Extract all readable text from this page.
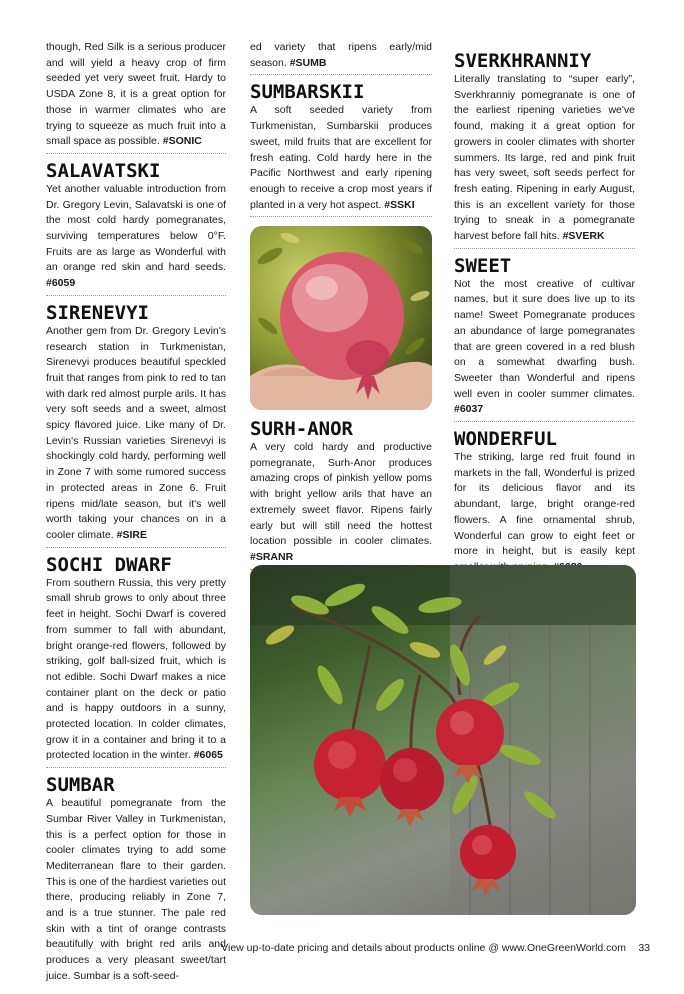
though, Red Silk is a serious producer and will yield a heavy crop of firm seeded yet very sweet fruit. Hardy to USDA Zone 8, it is a great option for those in warmer climates who are trying to squeeze as much fruit into a small space as possible. #SONIC
SALAVATSKI
Yet another valuable introduction from Dr. Gregory Levin, Salavatski is one of the most cold hardy pomegranates, surviving temperatures below 0°F. Fruits are as large as Wonderful with an orange red skin and hard seeds. #6059
SIRENEVYI
Another gem from Dr. Gregory Levin's research station in Turkmenistan, Sirenevyi produces beautiful speckled fruit that ranges from pink to red to tan with dark red almost purple arils. It has very soft seeds and a sweet, almost spicy flavored juice. Like many of Dr. Levin's Russian varieties Sirenevyi is shockingly cold hardy, performing well in Zone 7 with some rumored success in protected areas in Zone 6. Fruit ripens mid/late season, but it's well worth taking your chances on in a cooler climate. #SIRE
SOCHI DWARF
From southern Russia, this very pretty small shrub grows to only about three feet in height. Sochi Dwarf is covered from summer to fall with abundant, bright orange-red flowers, followed by striking, golf ball-sized fruit, which is not edible. Sochi Dwarf makes a nice container plant on the deck or patio and is happy outdoors in a sunny, protected location. In colder climates, grow it in a container and bring it to a protected location in the winter. #6065
SUMBAR
A beautiful pomegranate from the Sumbar River Valley in Turkmenistan, this is a perfect option for those in cooler climates trying to add some Mediterranean flare to their garden. This is one of the hardiest varieties out there, producing reliably in Zone 7, and is a true stunner. The pale red skin with a tint of orange contrasts beautifully with bright red arils and produces a very pleasant sweet/tart juice. Sumbar is a soft-seed-
ed variety that ripens early/mid season. #SUMB
SUMBARSKII
A soft seeded variety from Turkmenistan, Sumbarskii produces sweet, mild fruits that are excellent for fresh eating. Cold hardy here in the Pacific Northwest and early ripening enough to receive a crop most years if planted in a very hot aspect. #SSKI
SURH-ANOR
A very cold hardy and productive pomegranate, Surh-Anor produces amazing crops of pinkish yellow poms with bright yellow arils that have an extremely sweet flavor. Ripens fairly early but will still need the hottest location possible in cooler climates. #SRANR
SVERKHRANNIY
Literally translating to “super early”, Sverkhranniy pomegranate is one of the earliest ripening varieties we've found, making it a great option for growers in cooler climates with shorter summers. Its large, red and pink fruit has very sweet, soft seeds perfect for fresh eating. Ripening in early August, this is an excellent variety for those trying to sneak in a pomegranate harvest before fall hits. #SVERK
SWEET
Not the most creative of cultivar names, but it sure does live up to its name! Sweet Pomegranate produces an abundance of large pomegranates that are green covered in a red blush on a somewhat dwarfing bush. Sweeter than Wonderful and ripens well even in cooler summer climates. #6037
WONDERFUL
The striking, large red fruit found in markets in the fall, Wonderful is prized for its delicious flavor and its abundant, large, bright orange-red flowers. A fine ornamental shrub, Wonderful can grow to eight feet or more in height, but is easily kept
View up-to-date pricing and details about products online @ www.OneGreenWorld.com 33
